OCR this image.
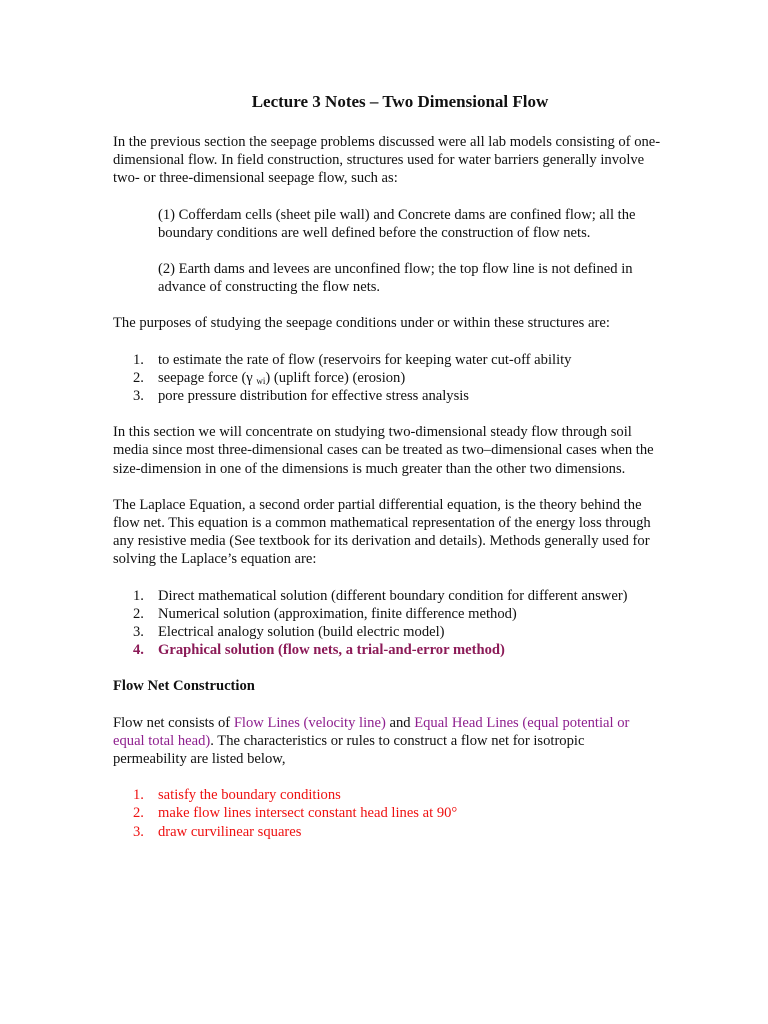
Lecture 3 Notes – Two Dimensional Flow

In the previous section the seepage problems discussed were all lab models consisting of one-dimensional flow. In field construction, structures used for water barriers generally involve two- or three-dimensional seepage flow, such as:

(1) Cofferdam cells (sheet pile wall) and Concrete dams are confined flow; all the boundary conditions are well defined before the construction of flow nets.

(2) Earth dams and levees are unconfined flow; the top flow line is not defined in advance of constructing the flow nets.

The purposes of studying the seepage conditions under or within these structures are:

1. to estimate the rate of flow (reservoirs for keeping water cut-off ability
2. seepage force (γ $_{wi}$) (uplift force) (erosion)
3. pore pressure distribution for effective stress analysis

In this section we will concentrate on studying two-dimensional steady flow through soil media since most three-dimensional cases can be treated as two–dimensional cases when the size-dimension in one of the dimensions is much greater than the other two dimensions.

The Laplace Equation, a second order partial differential equation, is the theory behind the flow net. This equation is a common mathematical representation of the energy loss through any resistive media (See textbook for its derivation and details). Methods generally used for solving the Laplace’s equation are:

1. Direct mathematical solution (different boundary condition for different answer)
2. Numerical solution (approximation, finite difference method)
3. Electrical analogy solution (build electric model)
4. Graphical solution (flow nets, a trial-and-error method)

Flow Net Construction

Flow net consists of Flow Lines (velocity line) and Equal Head Lines (equal potential or equal total head). The characteristics or rules to construct a flow net for isotropic permeability are listed below,

1. satisfy the boundary conditions
2. make flow lines intersect constant head lines at 90°
3. draw curvilinear squares
